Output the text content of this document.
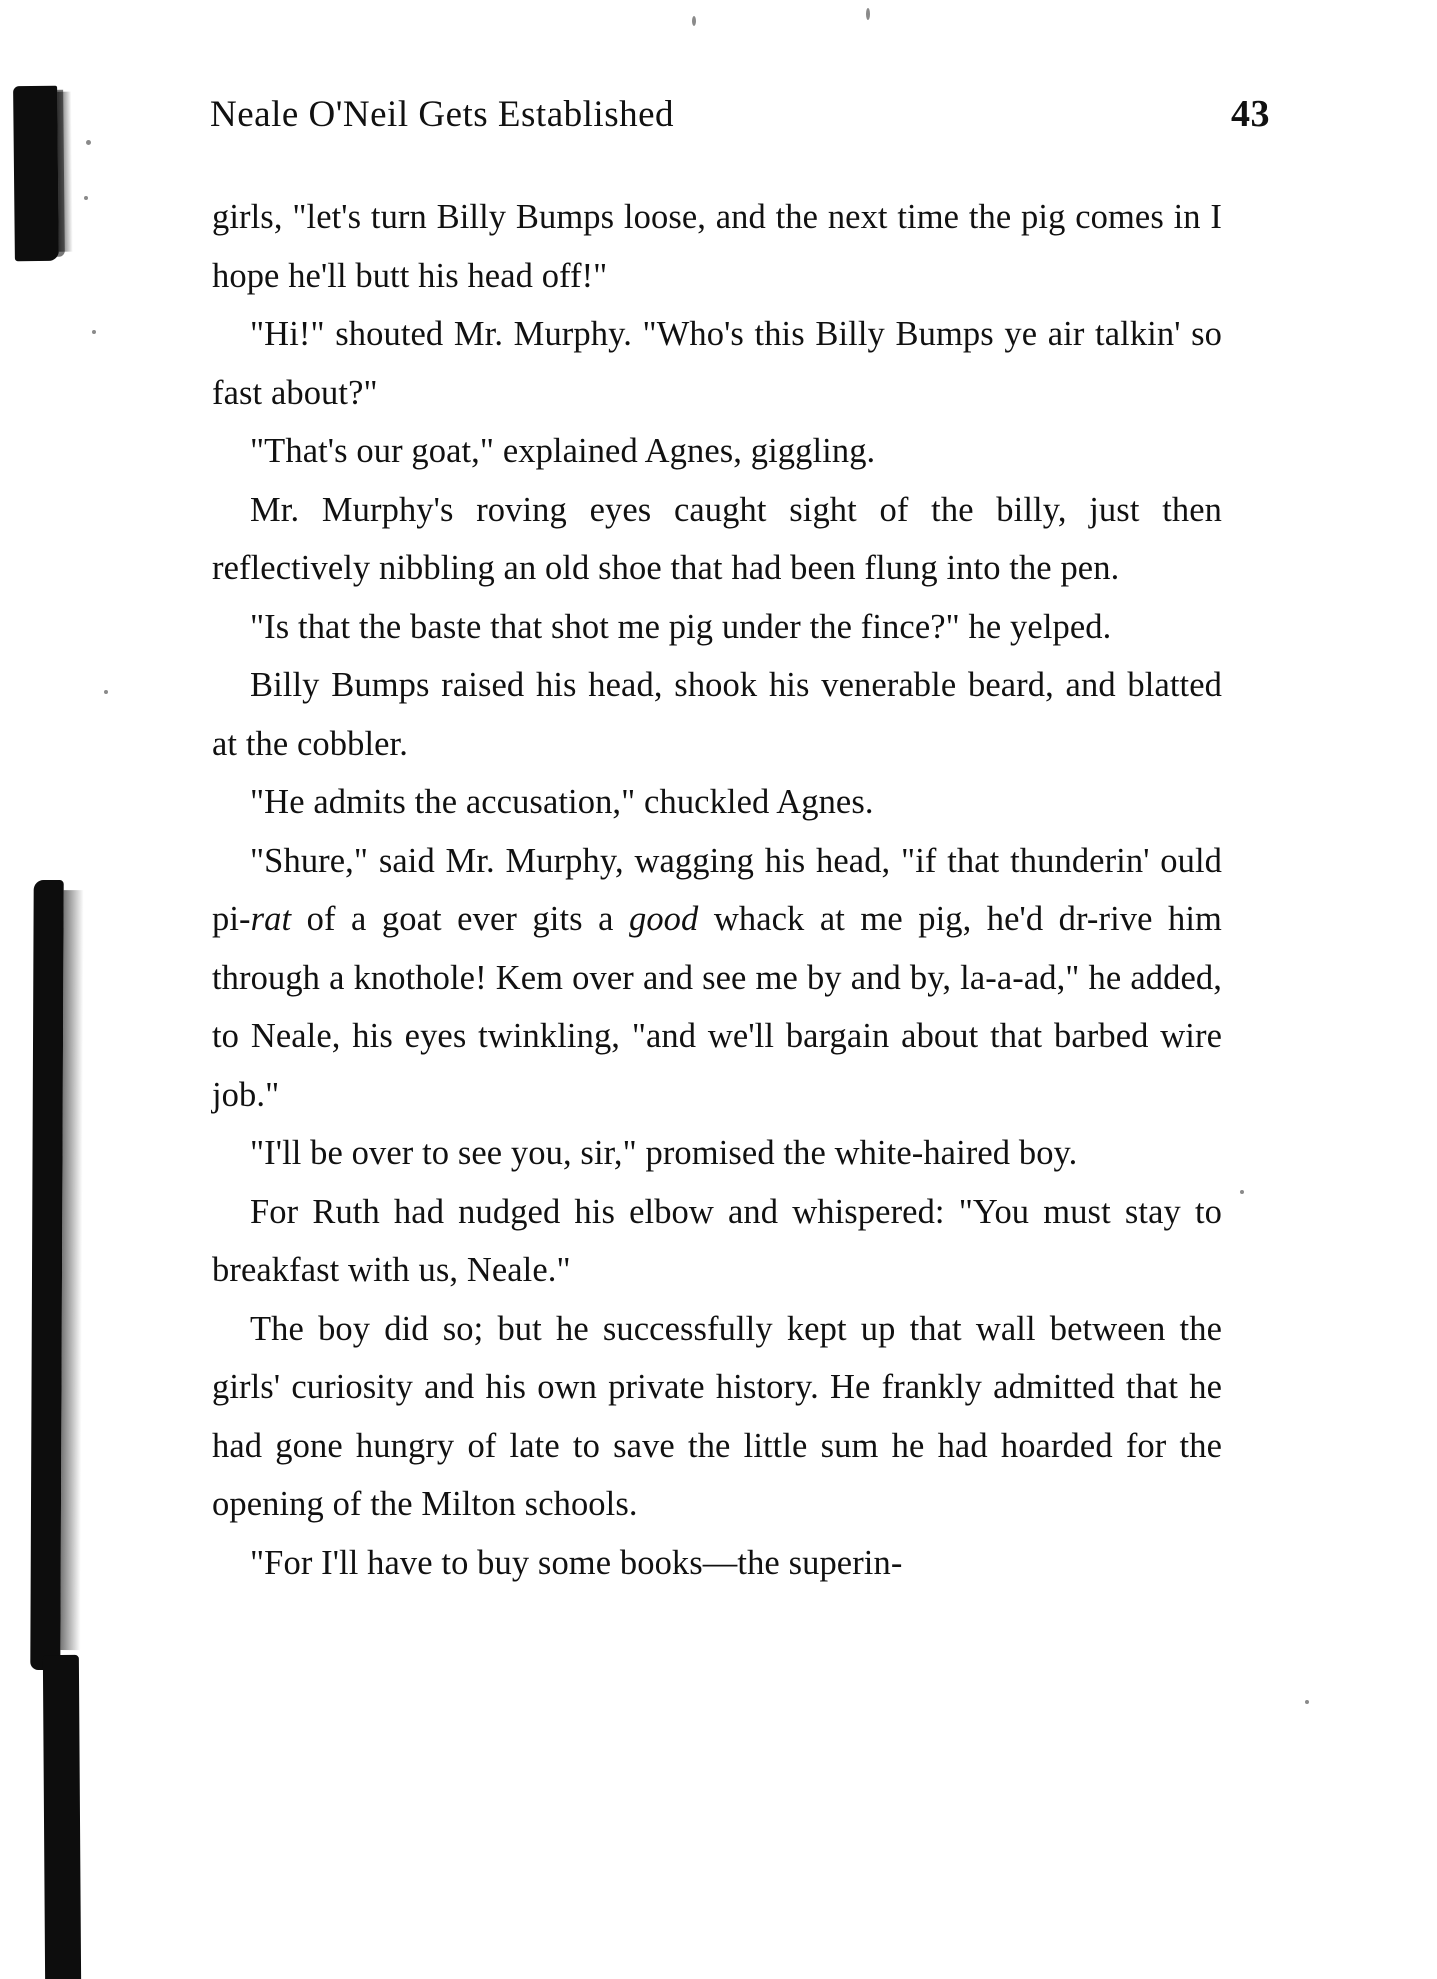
Neale O'Neil Gets Established	43

girls, "let's turn Billy Bumps loose, and the next time the pig comes in I hope he'll butt his head off!"

"Hi!" shouted Mr. Murphy. "Who's this Billy Bumps ye air talkin' so fast about?"

"That's our goat," explained Agnes, giggling.

Mr. Murphy's roving eyes caught sight of the billy, just then reflectively nibbling an old shoe that had been flung into the pen.

"Is that the baste that shot me pig under the fince?" he yelped.

Billy Bumps raised his head, shook his venerable beard, and blatted at the cobbler.

"He admits the accusation," chuckled Agnes.

"Shure," said Mr. Murphy, wagging his head, "if that thunderin' ould pi-rat of a goat ever gits a good whack at me pig, he'd dr-rive him through a knothole! Kem over and see me by and by, la-a-ad," he added, to Neale, his eyes twinkling, "and we'll bargain about that barbed wire job."

"I'll be over to see you, sir," promised the white-haired boy.

For Ruth had nudged his elbow and whispered: "You must stay to breakfast with us, Neale."

The boy did so; but he successfully kept up that wall between the girls' curiosity and his own private history. He frankly admitted that he had gone hungry of late to save the little sum he had hoarded for the opening of the Milton schools.

"For I'll have to buy some books—the superin-
